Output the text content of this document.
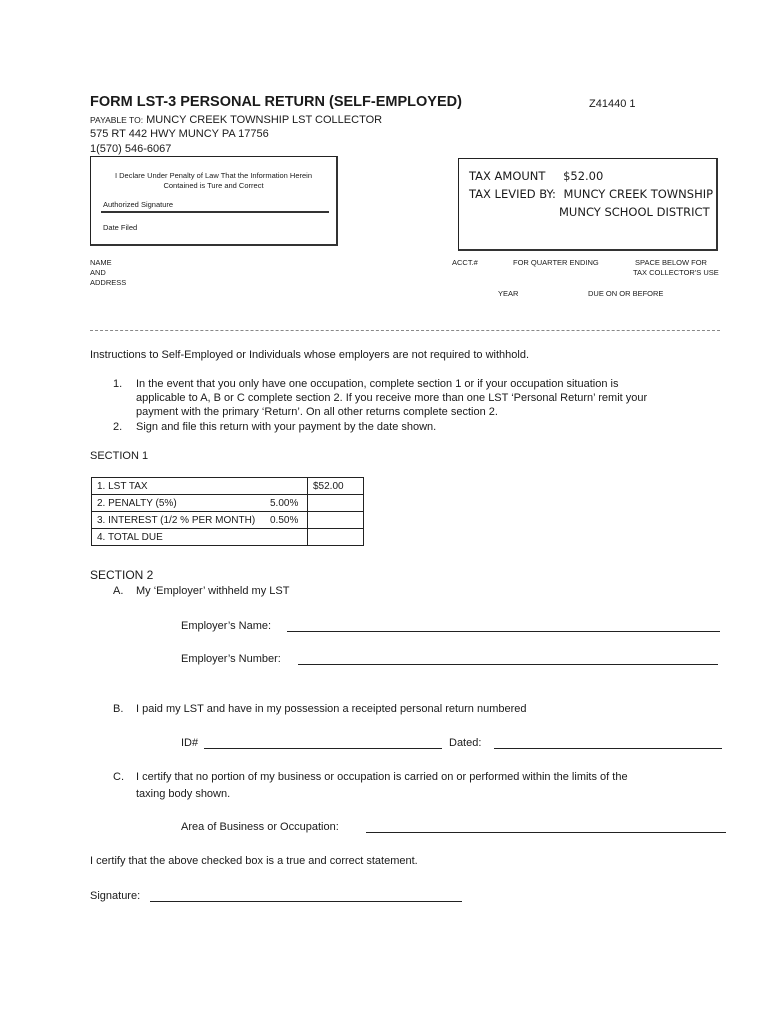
FORM LST-3 PERSONAL RETURN (SELF-EMPLOYED)	Z41440 1
PAYABLE TO: MUNCY CREEK TOWNSHIP LST COLLECTOR
575 RT 442 HWY MUNCY PA 17756
1(570) 546-6067
I Declare Under Penalty of Law That the Information Herein
Contained is Ture and Correct
Authorized Signature
Date Filed
TAX AMOUNT $52.00
TAX LEVIED BY: MUNCY CREEK TOWNSHIP
MUNCY SCHOOL DISTRICT
NAME
AND
ADDRESS
ACCT.#	FOR QUARTER ENDING	SPACE BELOW FOR
TAX COLLECTOR'S USE
YEAR	DUE ON OR BEFORE
Instructions to Self-Employed or Individuals whose employers are not required to withhold.
1. In the event that you only have one occupation, complete section 1 or if your occupation situation is
applicable to A, B or C complete section 2. If you receive more than one LST ‘Personal Return’ remit your
payment with the primary ‘Return’. On all other returns complete section 2.
2. Sign and file this return with your payment by the date shown.
SECTION 1
1. LST TAX		$52.00
2. PENALTY (5%)	5.00%	
3. INTEREST (1/2 % PER MONTH)	0.50%	
4. TOTAL DUE		
SECTION 2
A. My ‘Employer’ withheld my LST
Employer’s Name:
Employer’s Number:
B. I paid my LST and have in my possession a receipted personal return numbered
ID#	Dated:
C. I certify that no portion of my business or occupation is carried on or performed within the limits of the
taxing body shown.
Area of Business or Occupation:
I certify that the above checked box is a true and correct statement.
Signature:
